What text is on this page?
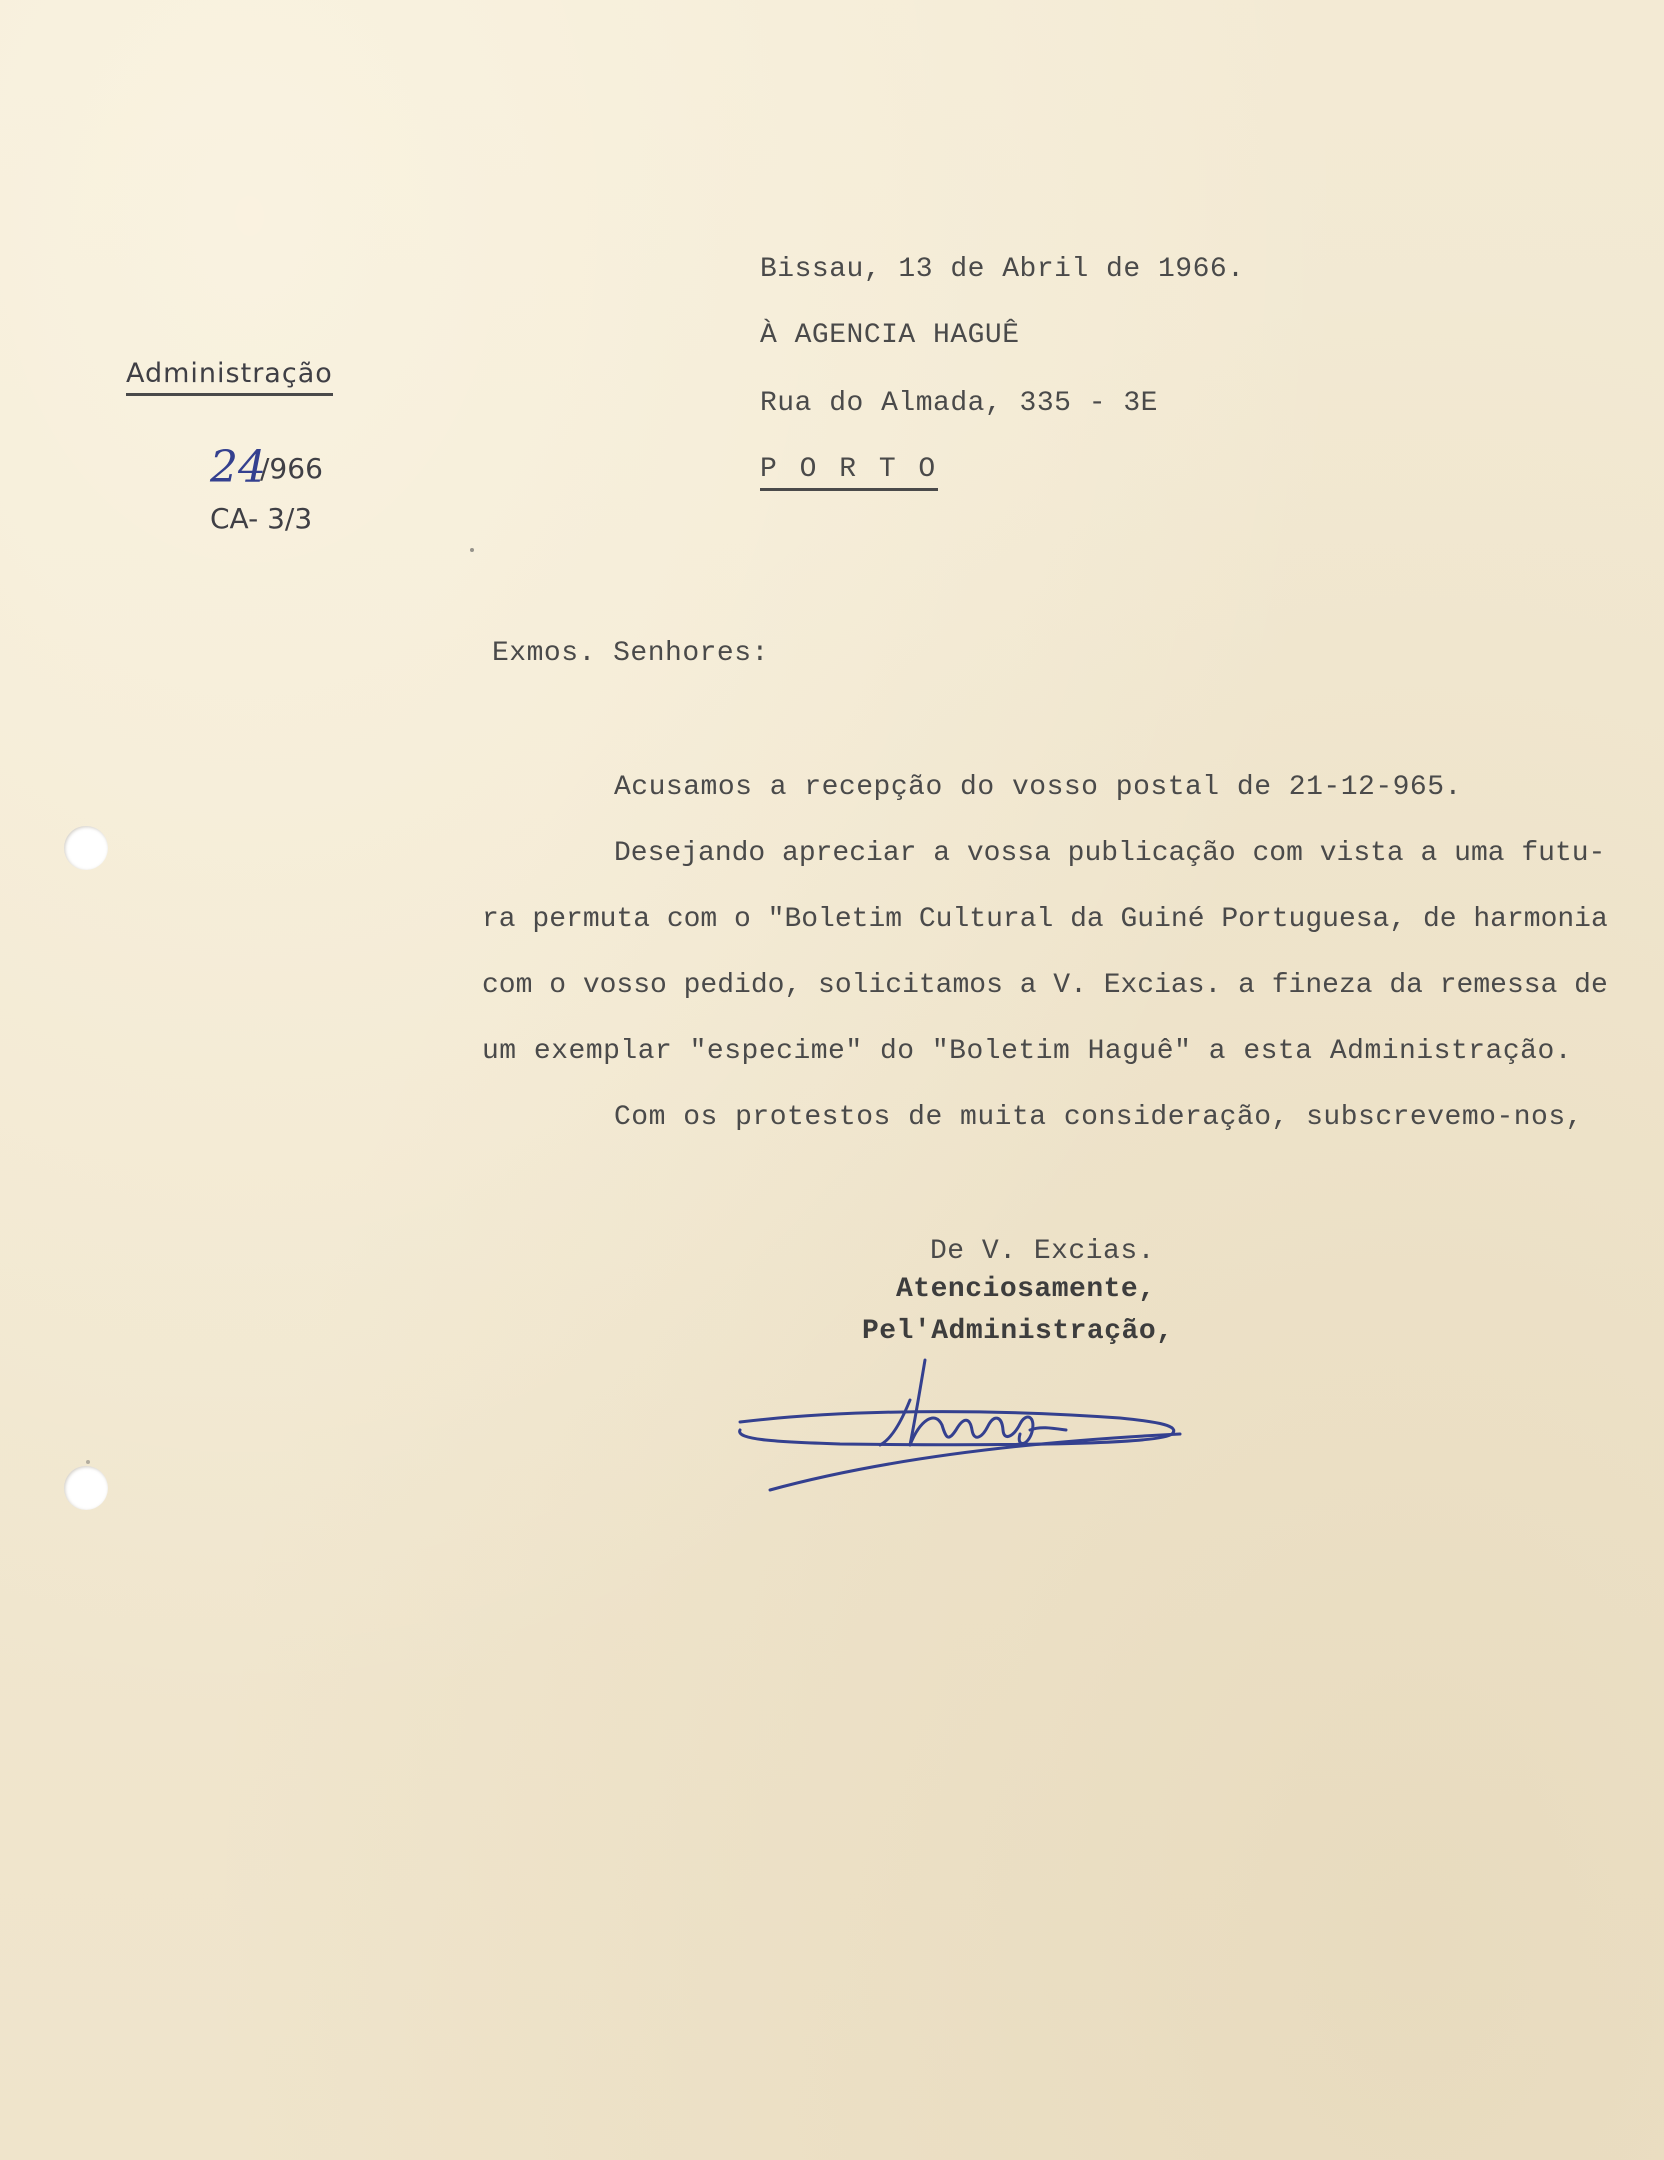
Bissau, 13 de Abril de 1966.
À AGENCIA HAGUÊ
Rua do Almada, 335 - 3E
P O R T O
Administração
24
/966
CA- 3/3
Exmos. Senhores:
Acusamos a recepção do vosso postal de 21-12-965.
Desejando apreciar a vossa publicação com vista a uma futu-
ra permuta com o "Boletim Cultural da Guiné Portuguesa, de harmonia
com o vosso pedido, solicitamos a V. Excias. a fineza da remessa de
um exemplar "especime" do "Boletim Haguê" a esta Administração.
Com os protestos de muita consideração, subscrevemo-nos,
De V. Excias.
Atenciosamente,
Pel'Administração,
